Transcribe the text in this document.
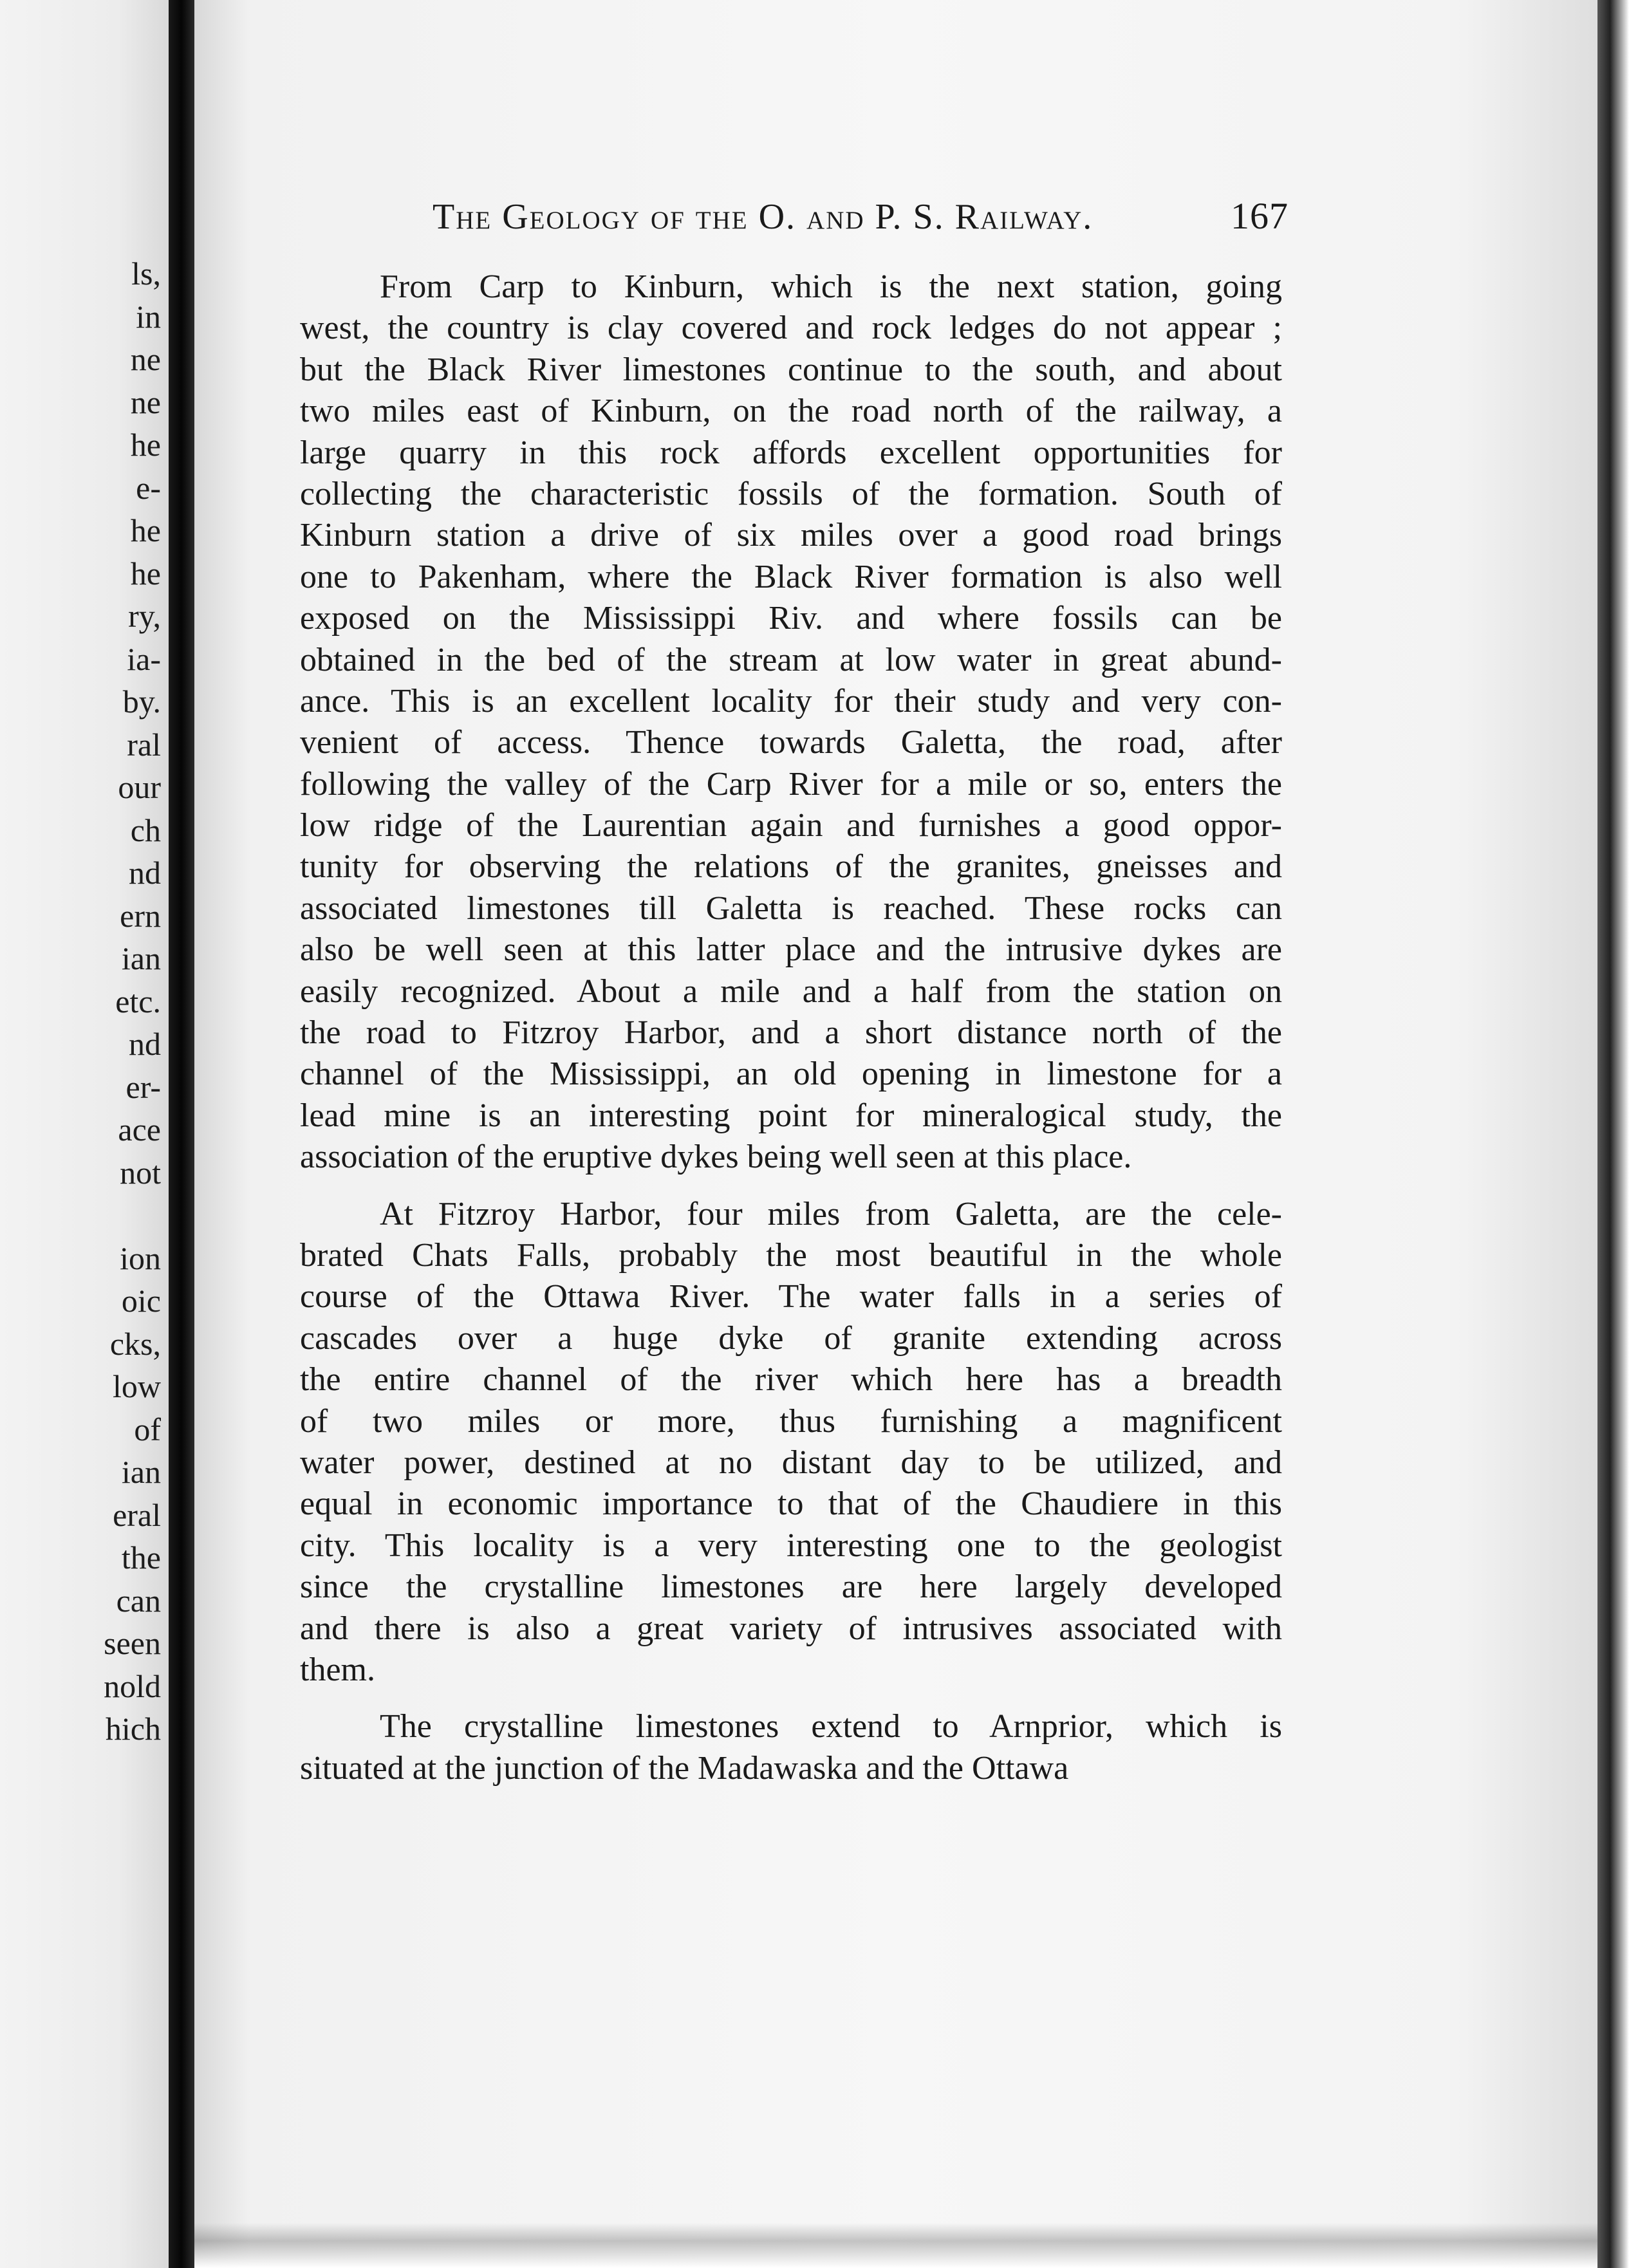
ls,
in
ne
ne
he
e-
he
he
ry,
ia-
by.
ral
our
ch
nd
ern
ian
etc.
nd
er-
ace
not
ion
oic
cks,
low
of
ian
eral
the
can
seen
nold
hich
The Geology of the O. and P. S. Railway.	167
From Carp to Kinburn, which is the next station, going
west, the country is clay covered and rock ledges do not appear ;
but the Black River limestones continue to the south, and about
two miles east of Kinburn, on the road north of the railway, a
large quarry in this rock affords excellent opportunities for
collecting the characteristic fossils of the formation. South of
Kinburn station a drive of six miles over a good road brings
one to Pakenham, where the Black River formation is also well
exposed on the Mississippi Riv. and where fossils can be
obtained in the bed of the stream at low water in great abund-
ance. This is an excellent locality for their study and very con-
venient of access. Thence towards Galetta, the road, after
following the valley of the Carp River for a mile or so, enters the
low ridge of the Laurentian again and furnishes a good oppor-
tunity for observing the relations of the granites, gneisses and
associated limestones till Galetta is reached. These rocks can
also be well seen at this latter place and the intrusive dykes are
easily recognized. About a mile and a half from the station on
the road to Fitzroy Harbor, and a short distance north of the
channel of the Mississippi, an old opening in limestone for a
lead mine is an interesting point for mineralogical study, the
association of the eruptive dykes being well seen at this place.
At Fitzroy Harbor, four miles from Galetta, are the cele-
brated Chats Falls, probably the most beautiful in the whole
course of the Ottawa River. The water falls in a series of
cascades over a huge dyke of granite extending across
the entire channel of the river which here has a breadth
of two miles or more, thus furnishing a magnificent
water power, destined at no distant day to be utilized, and
equal in economic importance to that of the Chaudiere in this
city. This locality is a very interesting one to the geologist
since the crystalline limestones are here largely developed
and there is also a great variety of intrusives associated with
them.
The crystalline limestones extend to Arnprior, which is
situated at the junction of the Madawaska and the Ottawa
